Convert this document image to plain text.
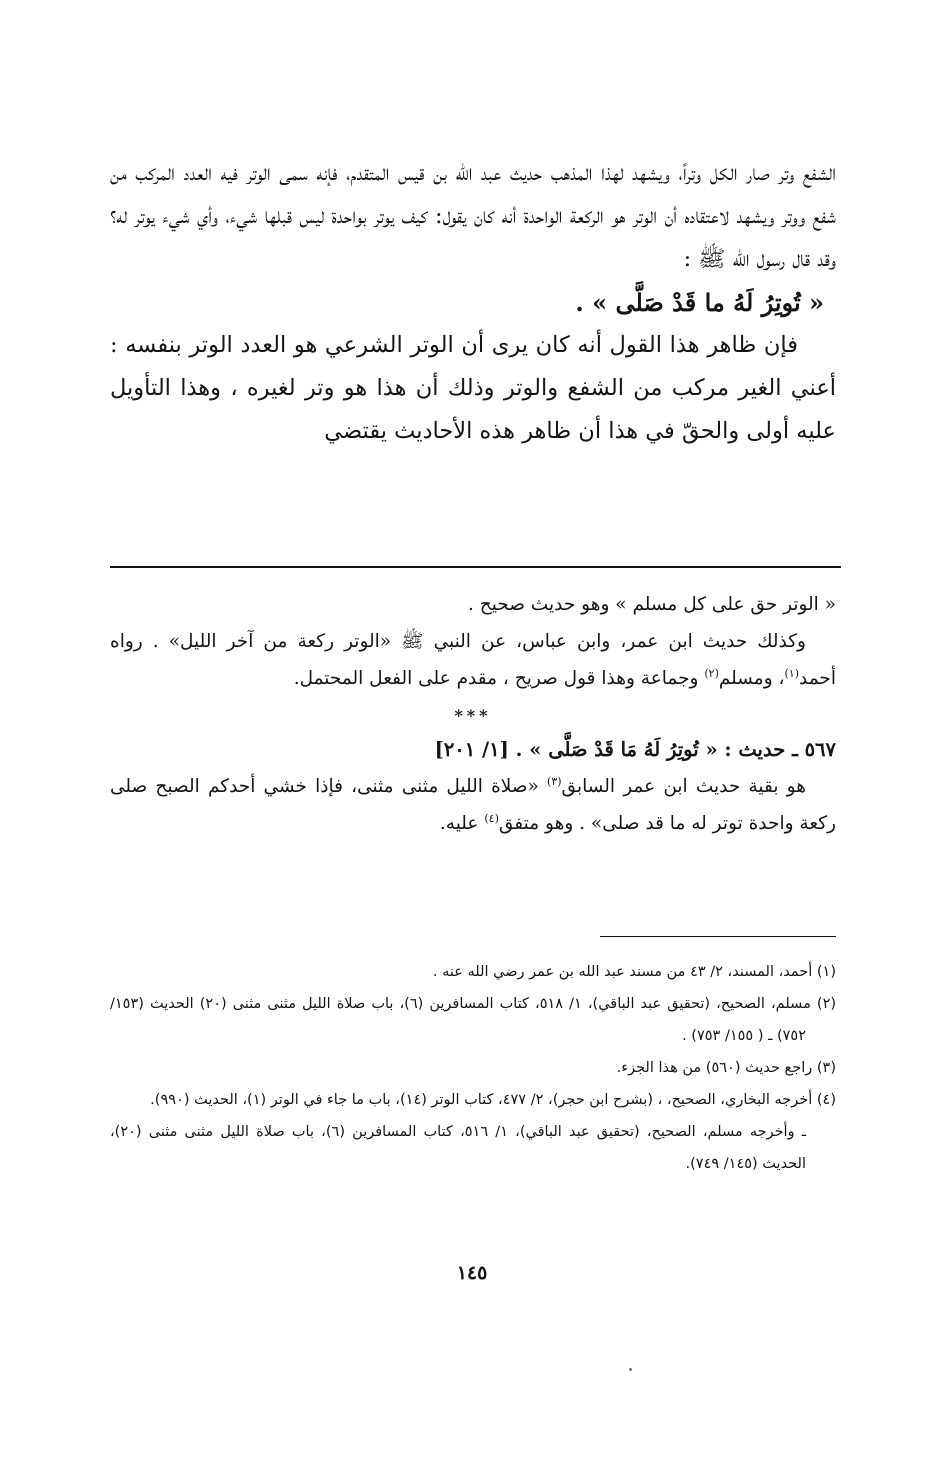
الشفع وتر صار الكل وتراً، ويشهد لهذا المذهب حديث عبد الله بن قيس المتقدم، فإنه سمى الوتر فيه العدد المركب من شفع ووتر ويشهد لاعتقاده أن الوتر هو الركعة الواحدة أنه كان يقول: كيف يوتر بواحدة ليس قبلها شيء، وأي شيء يوتر له؟ وقد قال رسول الله ﷺ :

« تُوتِرُ لَهُ ما قَدْ صَلَّى » .

فإن ظاهر هذا القول أنه كان يرى أن الوتر الشرعي هو العدد الوتر بنفسه : أعني الغير مركب من الشفع والوتر وذلك أن هذا هو وتر لغيره ، وهذا التأويل عليه أولى والحقّ في هذا أن ظاهر هذه الأحاديث يقتضي

« الوتر حق على كل مسلم » وهو حديث صحيح .

وكذلك حديث ابن عمر، وابن عباس، عن النبي ﷺ «الوتر ركعة من آخر الليل» . رواه أحمد$^{(١)}$، ومسلم$^{(٢)}$ وجماعة وهذا قول صريح ، مقدم على الفعل المحتمل.

***

٥٦٧ ـ حديث : « تُوتِرُ لَهُ مَا قَدْ صَلَّى » . [١/ ٢٠١]

هو بقية حديث ابن عمر السابق$^{(٣)}$ «صلاة الليل مثنى مثنى، فإذا خشي أحدكم الصبح صلى ركعة واحدة توتر له ما قد صلى» . وهو متفق$^{(٤)}$ عليه.

(١) أحمد، المسند، ٢/ ٤٣ من مسند عبد الله بن عمر رضي الله عنه .

(٢) مسلم، الصحيح، (تحقيق عبد الباقي)، ١/ ٥١٨، كتاب المسافرين (٦)، باب صلاة الليل مثنى مثنى (٢٠) الحديث (١٥٣/ ٧٥٢) ـ ( ١٥٥/ ٧٥٣) .

(٣) راجع حديث (٥٦٠) من هذا الجزء.

(٤) أخرجه البخاري، الصحيح، ، (بشرح ابن حجر)، ٢/ ٤٧٧، كتاب الوتر (١٤)، باب ما جاء في الوتر (١)، الحديث (٩٩٠).

ـ وأخرجه مسلم، الصحيح، (تحقيق عبد الباقي)، ١/ ٥١٦، كتاب المسافرين (٦)، باب صلاة الليل مثنى مثنى (٢٠)، الحديث (١٤٥/ ٧٤٩).

١٤٥
